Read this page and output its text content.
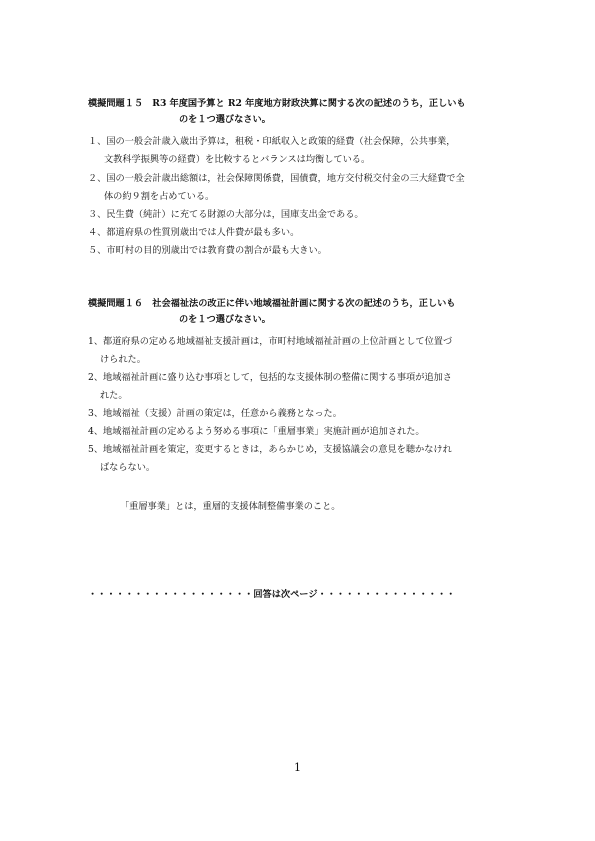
模擬問題１５　R3 年度国予算と R2 年度地方財政決算に関する次の記述のうち，正しいも
のを１つ選びなさい。
１、国の一般会計歳入歳出予算は，租税・印紙収入と政策的経費（社会保障，公共事業，
文教科学振興等の経費）を比較するとバランスは均衡している。
２、国の一般会計歳出総額は，社会保障関係費，国債費，地方交付税交付金の三大経費で全
体の約９割を占めている。
３、民生費（純計）に充てる財源の大部分は，国庫支出金である。
４、都道府県の性質別歳出では人件費が最も多い。
５、市町村の目的別歳出では教育費の割合が最も大きい。
模擬問題１６　社会福祉法の改正に伴い地域福祉計画に関する次の記述のうち，正しいも
のを１つ選びなさい。
1、都道府県の定める地域福祉支援計画は，市町村地域福祉計画の上位計画として位置づ
けられた。
2、地域福祉計画に盛り込む事項として，包括的な支援体制の整備に関する事項が追加さ
れた。
3、地域福祉（支援）計画の策定は，任意から義務となった。
4、地域福祉計画の定めるよう努める事項に「重層事業」実施計画が追加された。
5、地域福祉計画を策定，変更するときは，あらかじめ，支援協議会の意見を聴かなけれ
ばならない。
「重層事業」とは，重層的支援体制整備事業のこと。
・・・・・・・・・・・・・・・・・・回答は次ページ・・・・・・・・・・・・・・・
1
